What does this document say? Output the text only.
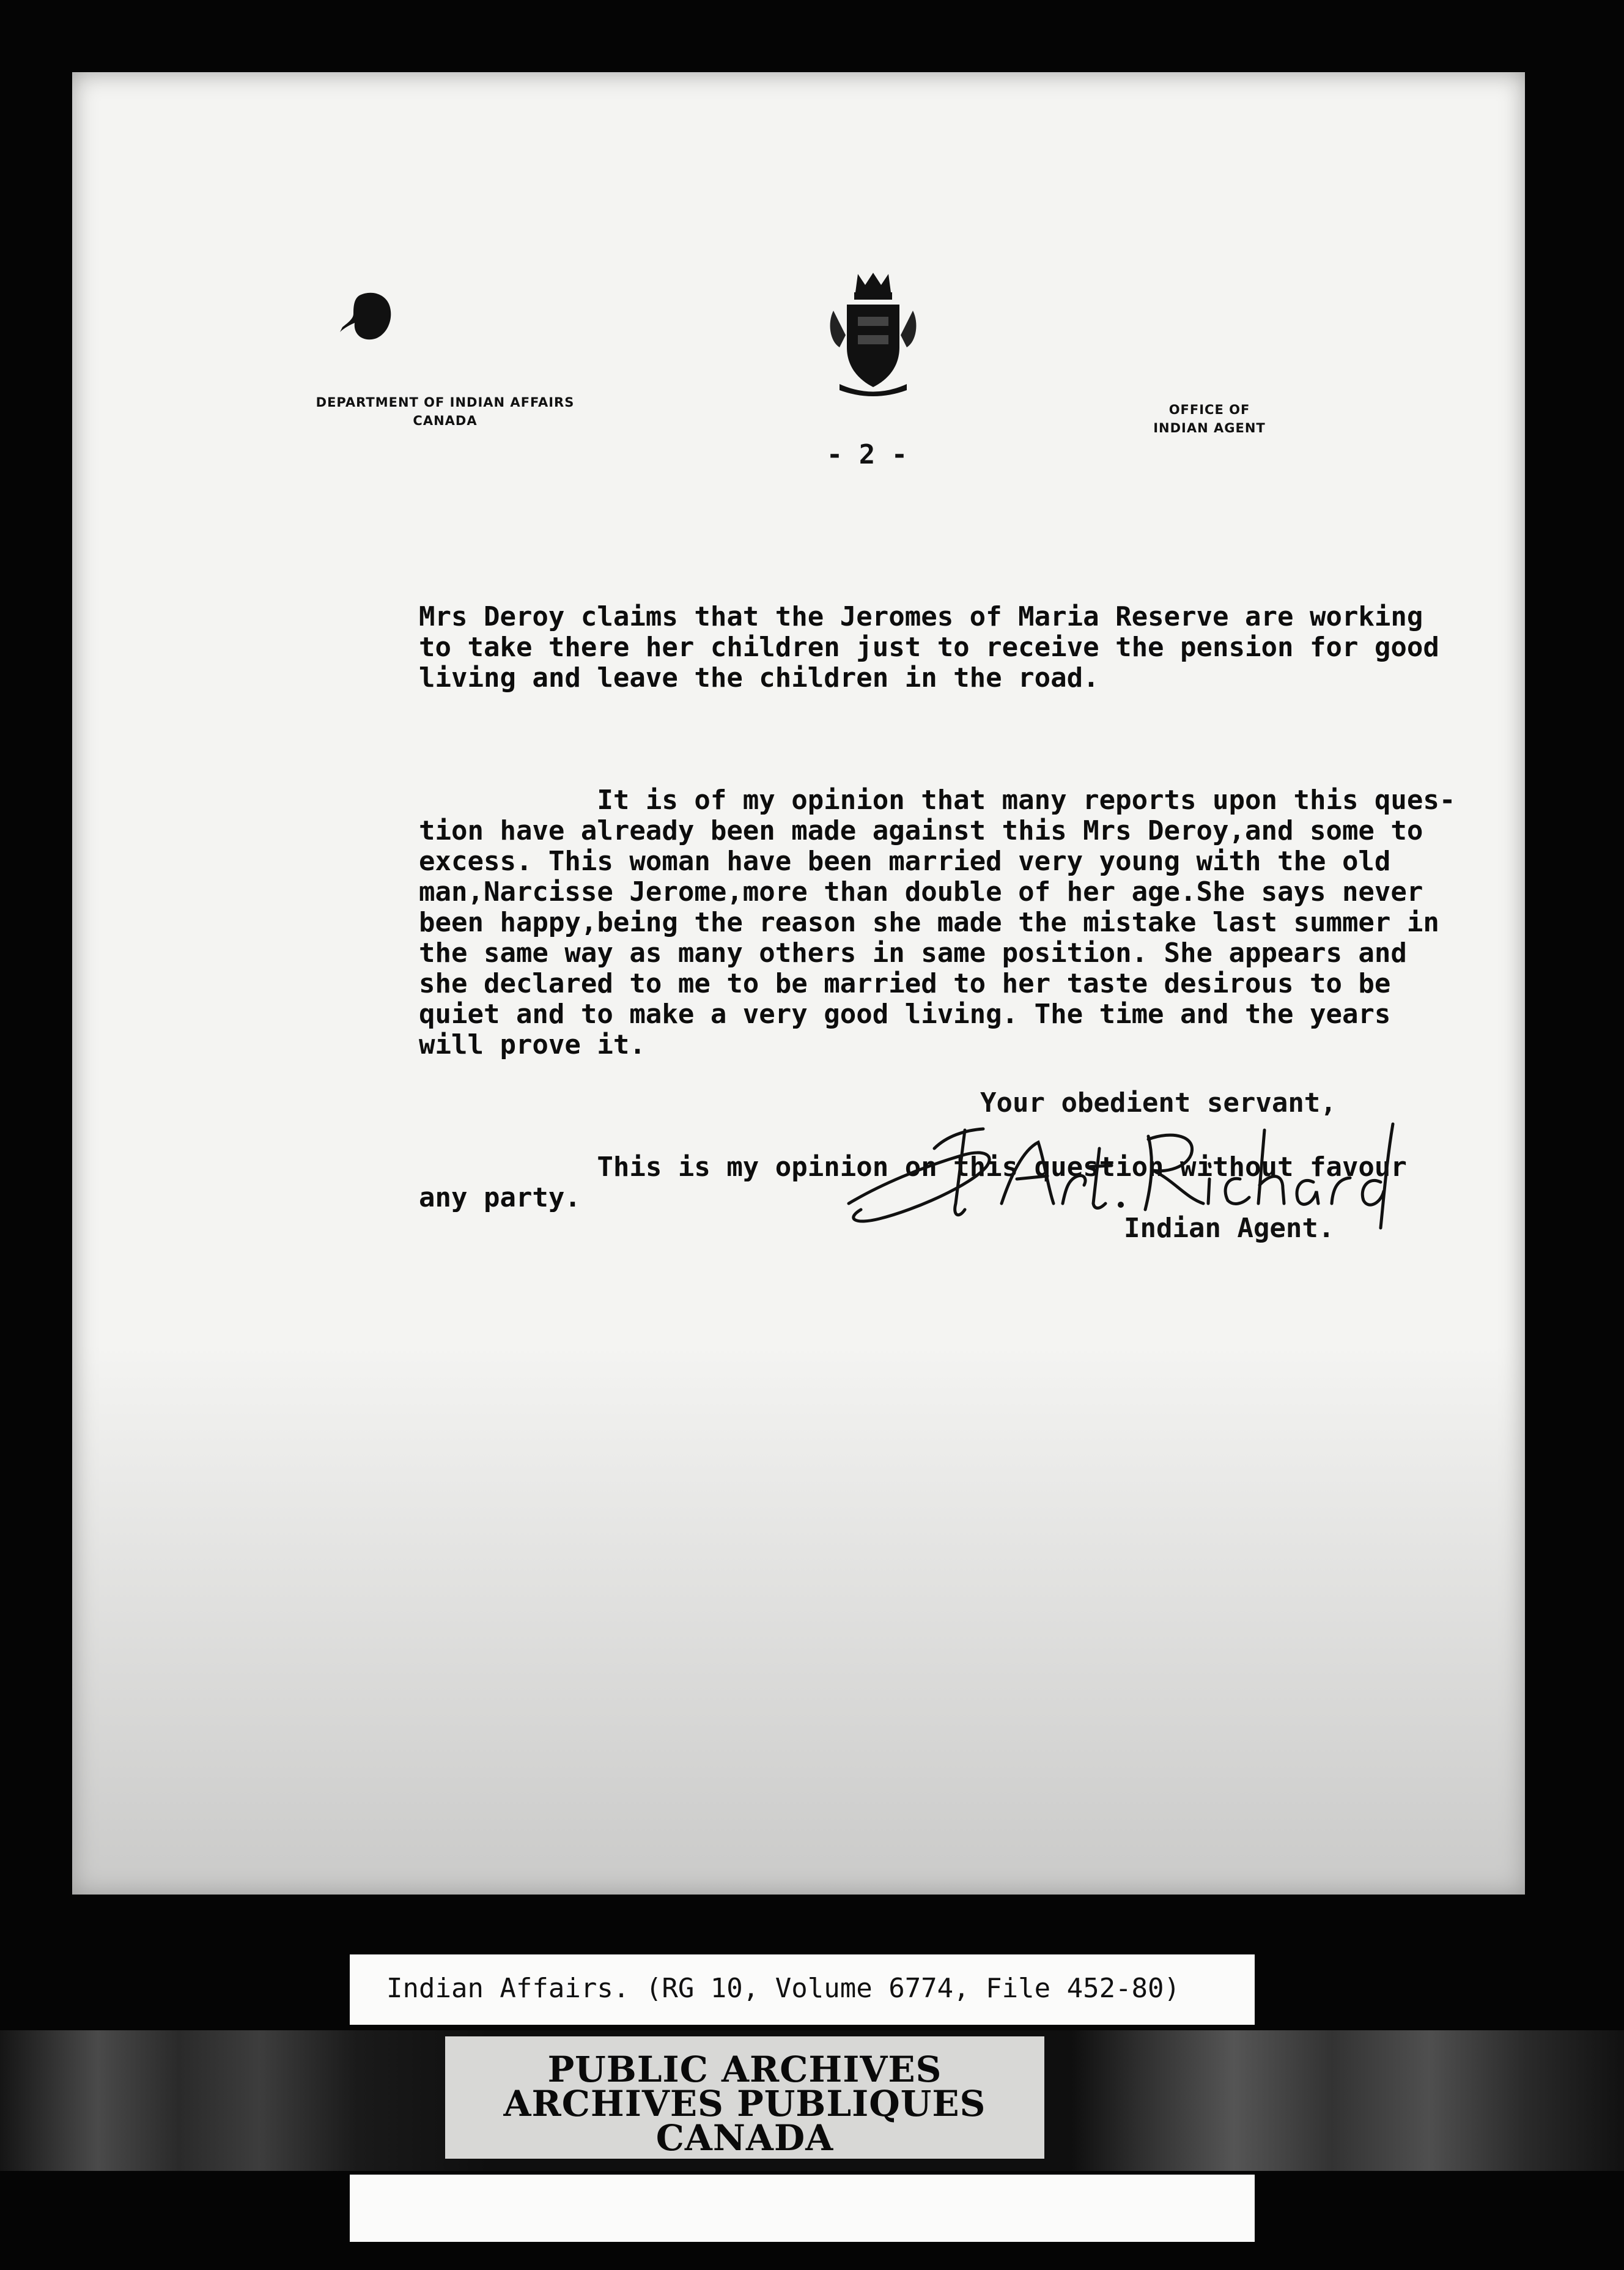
DEPARTMENT OF INDIAN AFFAIRS
CANADA
OFFICE OF
INDIAN AGENT
- 2 -

Mrs Deroy claims that the Jeromes of Maria Reserve are working
to take there her children just to receive the pension for good
living and leave the children in the road.

It is of my opinion that many reports upon this ques-
tion have already been made against this Mrs Deroy,and some to
excess. This woman have been married very young with the old
man,Narcisse Jerome,more than double of her age.She says never
been happy,being the reason she made the mistake last summer in
the same way as many others in same position. She appears and
she declared to me to be married to her taste desirous to be
quiet and to make a very good living. The time and the years
will prove it.

This is my opinion on this question without favour
any party.

Your obedient servant,
Indian Agent.
Indian Affairs. (RG 10, Volume 6774, File 452-80)
PUBLIC ARCHIVES
ARCHIVES PUBLIQUES
CANADA
